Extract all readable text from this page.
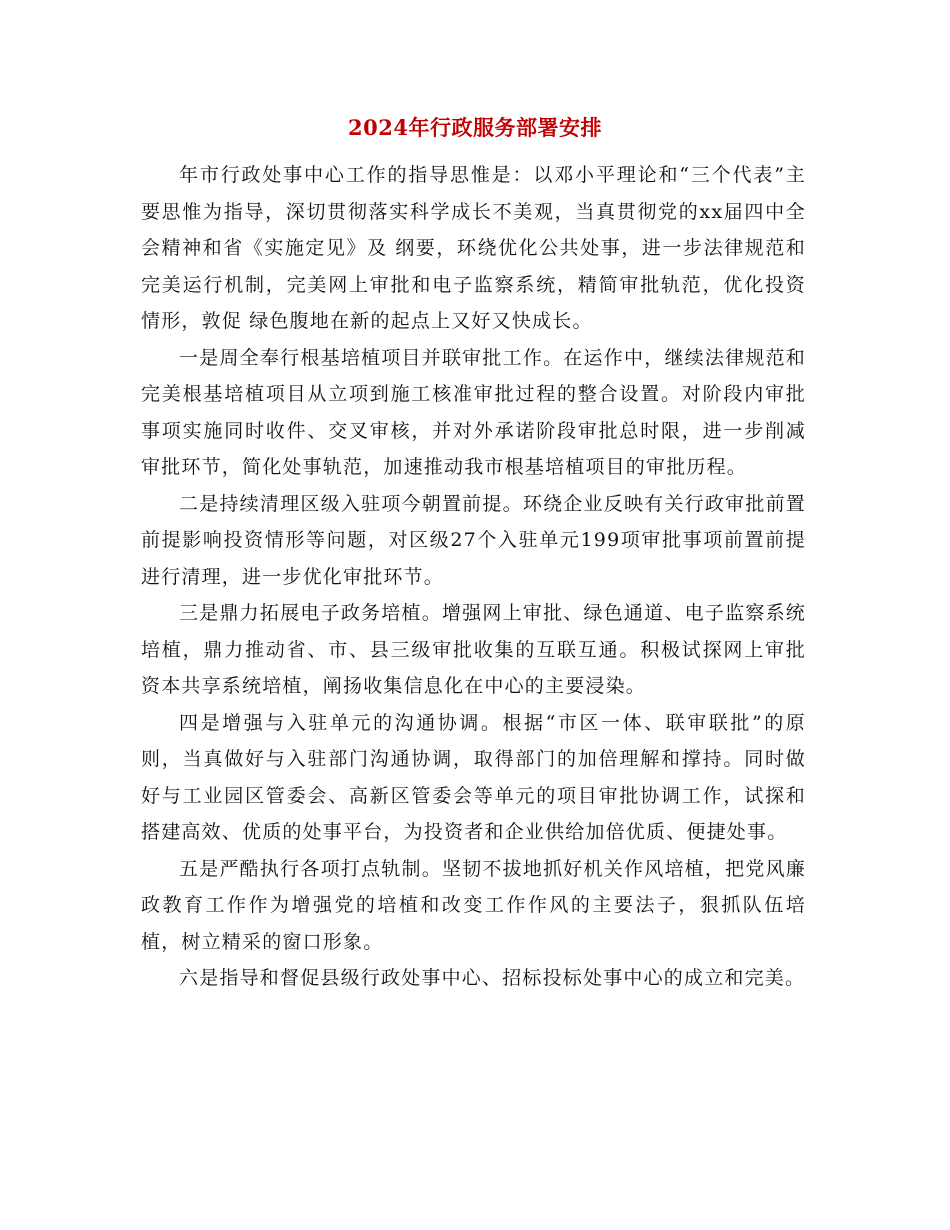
2024年行政服务部署安排

年市行政处事中心工作的指导思惟是：以邓小平理论和“三个代表”主要思惟为指导，深切贯彻落实科学成长不美观，当真贯彻党的xx届四中全会精神和省《实施定见》及 纲要，环绕优化公共处事，进一步法律规范和完美运行机制，完美网上审批和电子监察系统，精简审批轨范，优化投资情形，敦促 绿色腹地在新的起点上又好又快成长。

一是周全奉行根基培植项目并联审批工作。在运作中，继续法律规范和完美根基培植项目从立项到施工核准审批过程的整合设置。对阶段内审批事项实施同时收件、交叉审核，并对外承诺阶段审批总时限，进一步削减审批环节，简化处事轨范，加速推动我市根基培植项目的审批历程。

二是持续清理区级入驻项今朝置前提。环绕企业反映有关行政审批前置前提影响投资情形等问题，对区级27个入驻单元199项审批事项前置前提进行清理，进一步优化审批环节。

三是鼎力拓展电子政务培植。增强网上审批、绿色通道、电子监察系统培植，鼎力推动省、市、县三级审批收集的互联互通。积极试探网上审批资本共享系统培植，阐扬收集信息化在中心的主要浸染。

四是增强与入驻单元的沟通协调。根据“市区一体、联审联批”的原则，当真做好与入驻部门沟通协调，取得部门的加倍理解和撑持。同时做好与工业园区管委会、高新区管委会等单元的项目审批协调工作，试探和搭建高效、优质的处事平台，为投资者和企业供给加倍优质、便捷处事。

五是严酷执行各项打点轨制。坚韧不拔地抓好机关作风培植，把党风廉政教育工作作为增强党的培植和改变工作作风的主要法子，狠抓队伍培植，树立精采的窗口形象。

六是指导和督促县级行政处事中心、招标投标处事中心的成立和完美。
